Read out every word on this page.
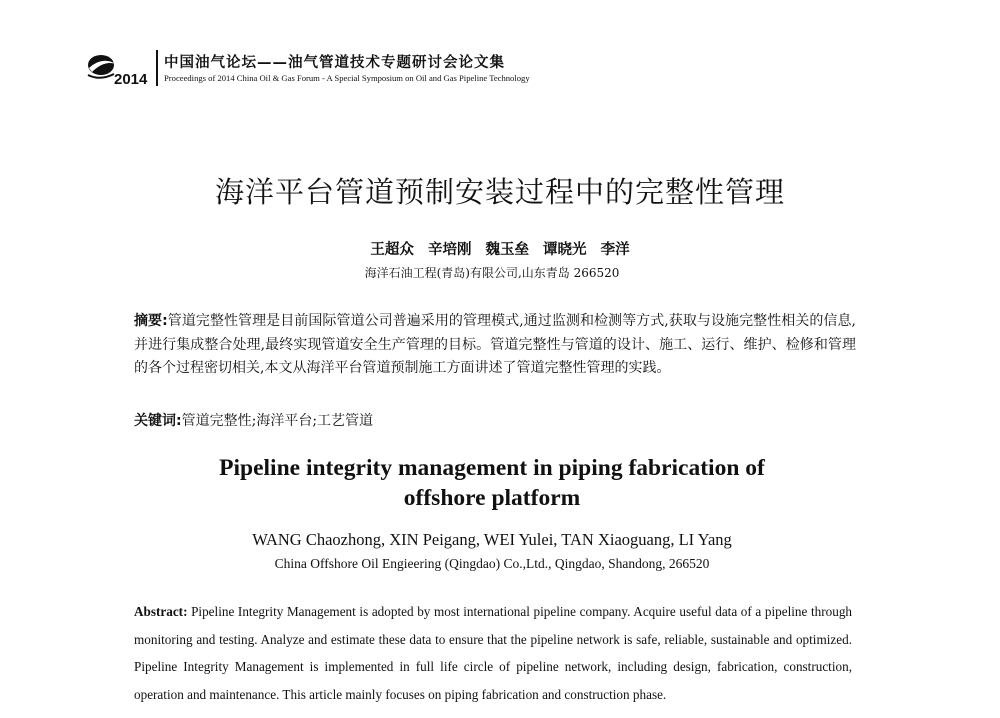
2014
中国油气论坛——油气管道技术专题研讨会论文集
Proceedings of 2014 China Oil & Gas Forum - A Special Symposium on Oil and Gas Pipeline Technology
海洋平台管道预制安装过程中的完整性管理
王超众 辛培刚 魏玉垒 谭晓光 李洋
海洋石油工程(青岛)有限公司,山东青岛 266520
摘要:管道完整性管理是目前国际管道公司普遍采用的管理模式,通过监测和检测等方式,获取与设施完整性相关的信息,并进行集成整合处理,最终实现管道安全生产管理的目标。管道完整性与管道的设计、施工、运行、维护、检修和管理的各个过程密切相关,本文从海洋平台管道预制施工方面讲述了管道完整性管理的实践。
关键词:管道完整性;海洋平台;工艺管道
Pipeline integrity management in piping fabrication of
offshore platform
WANG Chaozhong, XIN Peigang, WEI Yulei, TAN Xiaoguang, LI Yang
China Offshore Oil Engieering (Qingdao) Co.,Ltd., Qingdao, Shandong, 266520
Abstract: Pipeline Integrity Management is adopted by most international pipeline company. Acquire useful data of a pipeline through monitoring and testing. Analyze and estimate these data to ensure that the pipeline network is safe, reliable, sustainable and optimized. Pipeline Integrity Management is implemented in full life circle of pipeline network, including design, fabrication, construction, operation and maintenance. This article mainly focuses on piping fabrication and construction phase.
